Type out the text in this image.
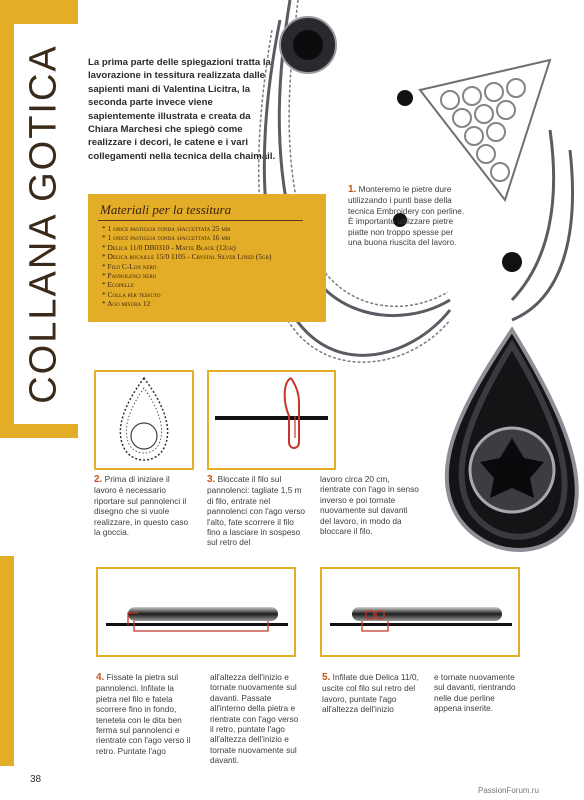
COLLANA GOTICA La prima parte delle spiegazioni tratta la lavorazione in tessitura realizzata dalle sapienti mani di Valentina Licitra, la seconda parte invece viene sapientemente illustrata e creata da Chiara Marchesi che spiegò come realizzare i decori, le catene e i vari collegamenti nella tecnica della chaimail.
Materiali per la tessitura
* 1 onice pastiglia tonda sfaccettata 25 mm
* 1 onice pastiglia tonda sfaccettata 16 mm
* Delica 11/0 DB0310 - Matte Black (12gr)
* Delica rocaille 15/0 1105 - Crystal Silver Lined (5gr)
* Filo C-Lon nero
* Pannolenci nero
* Ecopelle
* Colla per tessuto
* Ago misura 12
1. Monteremo le pietre dure utilizzando i punti base della tecnica Embroidery con perline. È importante utilizzare pietre piatte non troppo spesse per una buona riuscita del lavoro.
2. Prima di iniziare il lavoro è necessario riportare sul pannolenci il disegno che si vuole realizzare, in questo caso la goccia.
3. Bloccate il filo sul pannolenci: tagliate 1,5 m di filo, entrate nel pannolenci con l'ago verso l'alto, fate scorrere il filo fino a lasciare in sospeso sul retro del
lavoro circa 20 cm, rientrate con l'ago in senso inverso e poi tornate nuovamente sul davanti del lavoro, in modo da bloccare il filo.
4. Fissate la pietra sul pannolenci. Infilate la pietra nel filo e fatela scorrere fino in fondo, tenetela con le dita ben ferma sul pannolenci e rientrate con l'ago verso il retro. Puntate l'ago
all'altezza dell'inizio e tornate nuovamente sul davanti. Passate all'interno della pietra e rientrate con l'ago verso il retro, puntate l'ago all'altezza dell'inizio e tornate nuovamente sul davanti.
5. Infilate due Delica 11/0, uscite col filo sul retro del lavoro, puntate l'ago all'altezza dell'inizio
e tornate nuovamente sul davanti, rientrando nelle due perline appena inserite.
38
PassionForum.ru
